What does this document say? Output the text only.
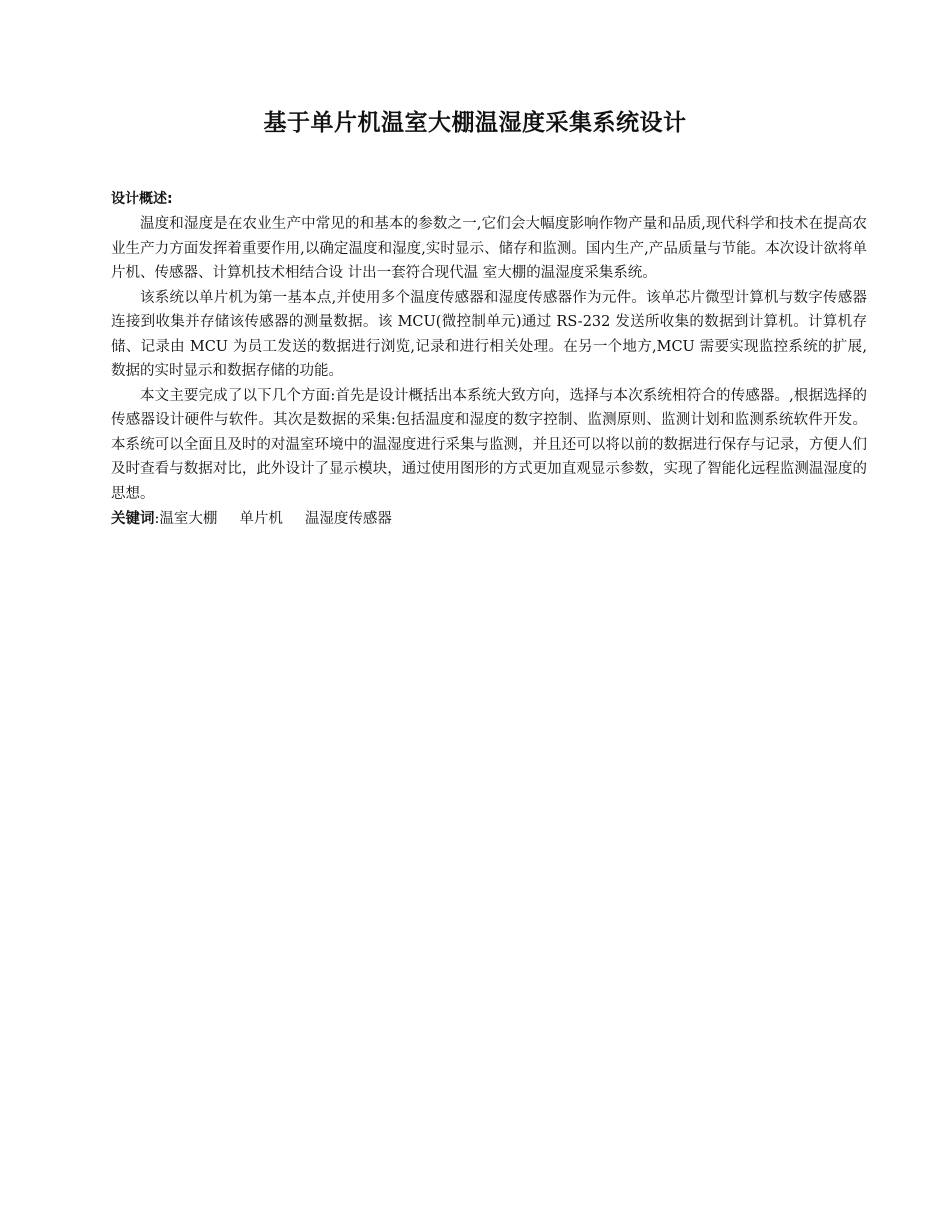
基于单片机温室大棚温湿度采集系统设计

设计概述:

温度和湿度是在农业生产中常见的和基本的参数之一,它们会大幅度影响作物产量和品质,现代科学和技术在提高农业生产力方面发挥着重要作用,以确定温度和湿度,实时显示、储存和监测。国内生产,产品质量与节能。本次设计欲将单片机、传感器、计算机技术相结合设 计出一套符合现代温 室大棚的温湿度采集系统。

该系统以单片机为第一基本点,并使用多个温度传感器和湿度传感器作为元件。该单芯片微型计算机与数字传感器连接到收集并存储该传感器的测量数据。该 MCU(微控制单元)通过 RS-232 发送所收集的数据到计算机。计算机存储、记录由 MCU 为员工发送的数据进行浏览,记录和进行相关处理。在另一个地方,MCU 需要实现监控系统的扩展,数据的实时显示和数据存储的功能。

本文主要完成了以下几个方面:首先是设计概括出本系统大致方向，选择与本次系统相符合的传感器。,根据选择的传感器设计硬件与软件。其次是数据的采集:包括温度和湿度的数字控制、监测原则、监测计划和监测系统软件开发。本系统可以全面且及时的对温室环境中的温湿度进行采集与监测，并且还可以将以前的数据进行保存与记录，方便人们及时查看与数据对比，此外设计了显示模块，通过使用图形的方式更加直观显示参数，实现了智能化远程监测温湿度的思想。

关键词:温室大棚 单片机 温湿度传感器
